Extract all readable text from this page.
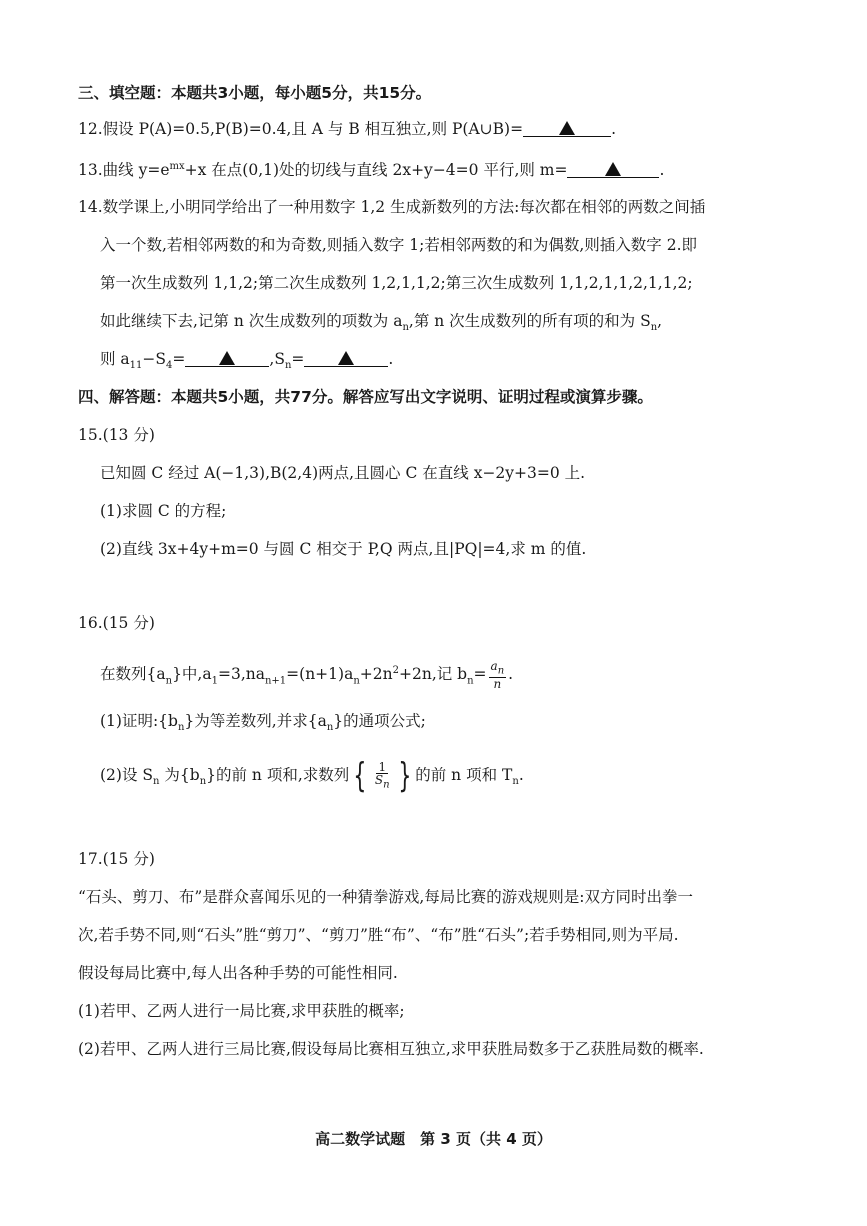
三、填空题：本题共3小题，每小题5分，共15分。
12.假设 P(A)=0.5,P(B)=0.4,且 A 与 B 相互独立,则 P(A∪B)=	.
13.曲线 $y=e^{mx}+x$ 在点(0,1)处的切线与直线 2x+y−4=0 平行,则 m=	.
14.数学课上,小明同学给出了一种用数字 1,2 生成新数列的方法:每次都在相邻的两数之间插
入一个数,若相邻两数的和为奇数,则插入数字 1;若相邻两数的和为偶数,则插入数字 2.即
第一次生成数列 1,1,2;第二次生成数列 1,2,1,1,2;第三次生成数列 1,1,2,1,1,2,1,1,2;
如此继续下去,记第 n 次生成数列的项数为 $a_n$,第 n 次生成数列的所有项的和为 $S_n$,
则 $a_{11}-S_4=$	$,S_n=$	.
四、解答题：本题共5小题，共77分。解答应写出文字说明、证明过程或演算步骤。
15.(13 分)
已知圆 C 经过 A(−1,3),B(2,4)两点,且圆心 C 在直线 x−2y+3=0 上.
(1)求圆 C 的方程;
(2)直线 3x+4y+m=0 与圆 C 相交于 P,Q 两点,且|PQ|=4,求 m 的值.
16.(15 分)
在数列$\{a_n\}$中$,a_1=3,na_{n+1}=(n+1)a_n+2n^2+2n$,记 $b_n= \frac{a_n}{n}$ .
(1)证明$:\{b_n\}$为等差数列,并求$\{a_n\}$的通项公式;
(2)设 $S_n$ 为$\{b_n\}$的前 n 项和,求数列 { $\frac{1}{S_n}$ } 的前 n 项和 $T_n$.
17.(15 分)
“石头、剪刀、布”是群众喜闻乐见的一种猜拳游戏,每局比赛的游戏规则是:双方同时出拳一
次,若手势不同,则“石头”胜“剪刀”、“剪刀”胜“布”、“布”胜“石头”;若手势相同,则为平局.
假设每局比赛中,每人出各种手势的可能性相同.
(1)若甲、乙两人进行一局比赛,求甲获胜的概率;
(2)若甲、乙两人进行三局比赛,假设每局比赛相互独立,求甲获胜局数多于乙获胜局数的概率.
高二数学试题　第 3 页（共 4 页）
